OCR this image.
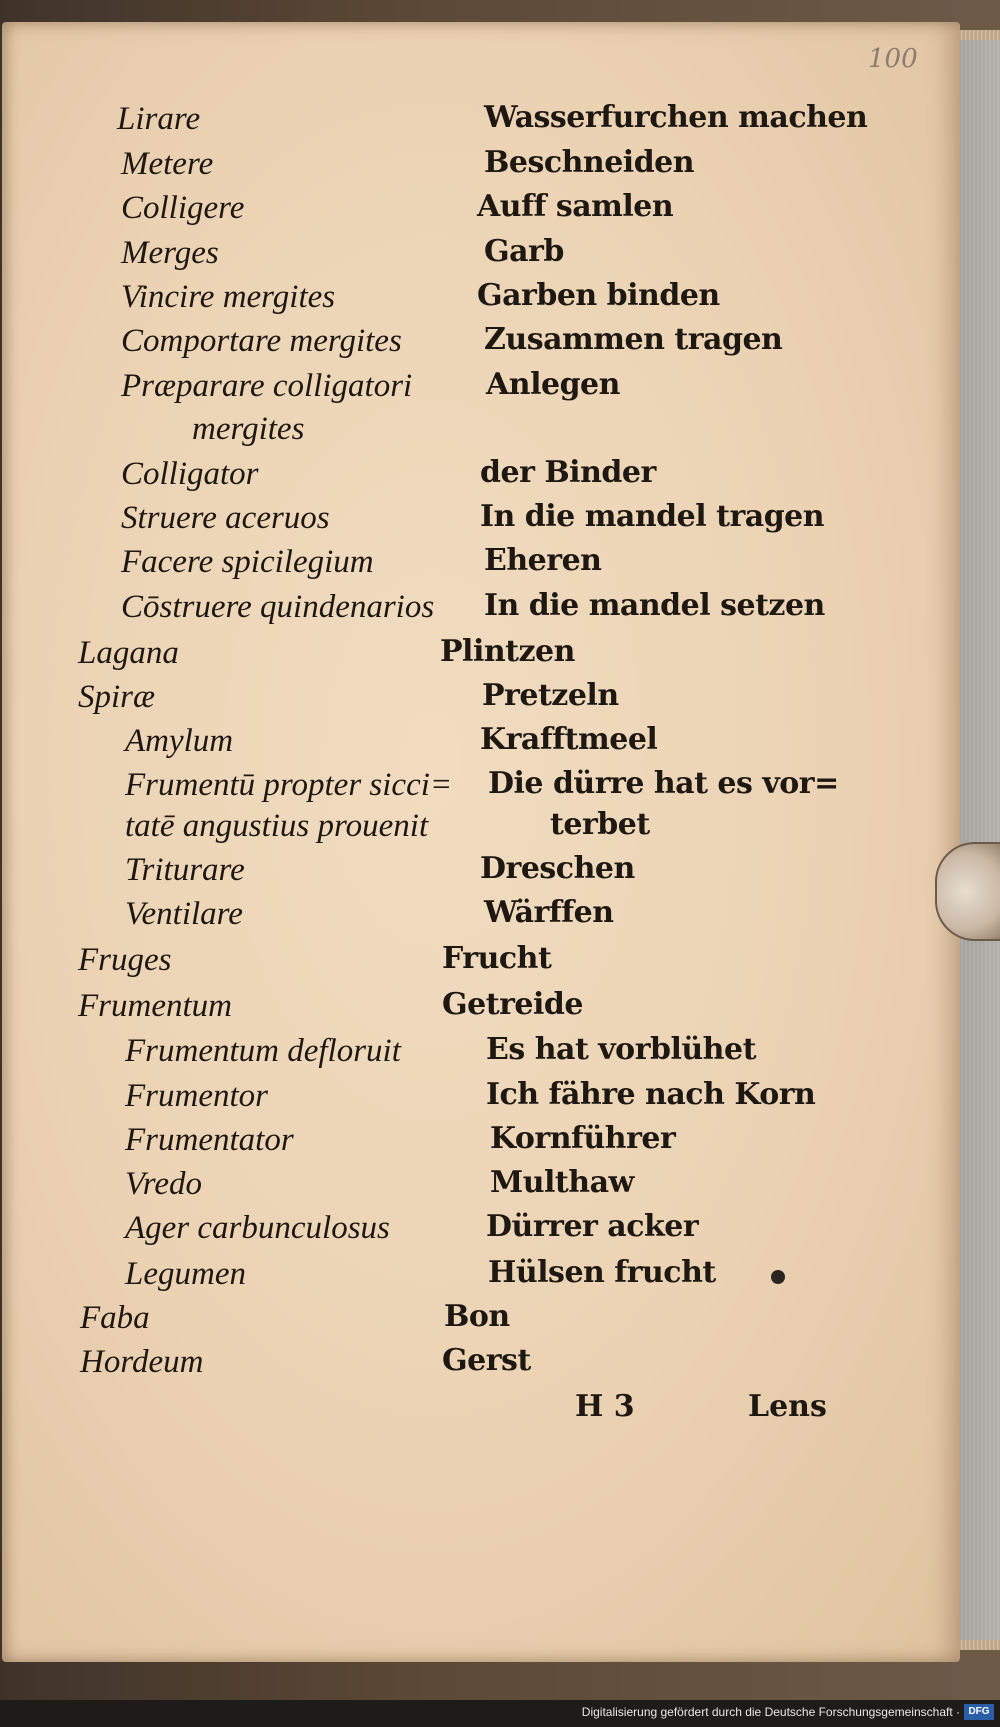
100
Lirare
Metere
Colligere
Merges
Vincire mergites
Comportare mergites
Præparare colligatori
mergites
Colligator
Struere aceruos
Facere spicilegium
Cōstruere quindenarios
Lagana
Spiræ
Amylum
Frumentū propter sicci=
tatē angustius prouenit
Triturare
Ventilare
Fruges
Frumentum
Frumentum defloruit
Frumentor
Frumentator
Vredo
Ager carbunculosus
Legumen
Faba
Hordeum
Wasserfurchen machen
Beschneiden
Auff samlen
Garb
Garben binden
Zusammen tragen
Anlegen
der Binder
In die mandel tragen
Eheren
In die mandel setzen
Plintzen
Pretzeln
Krafftmeel
Die dürre hat es vor=
terbet
Dreschen
Wärffen
Frucht
Getreide
Es hat vorblühet
Ich fähre nach Korn
Kornführer
Multhaw
Dürrer acker
Hülsen frucht
Bon
Gerst
H 3	Lens
Digitalisierung gefördert durch die Deutsche Forschungsgemeinschaft · DFG
